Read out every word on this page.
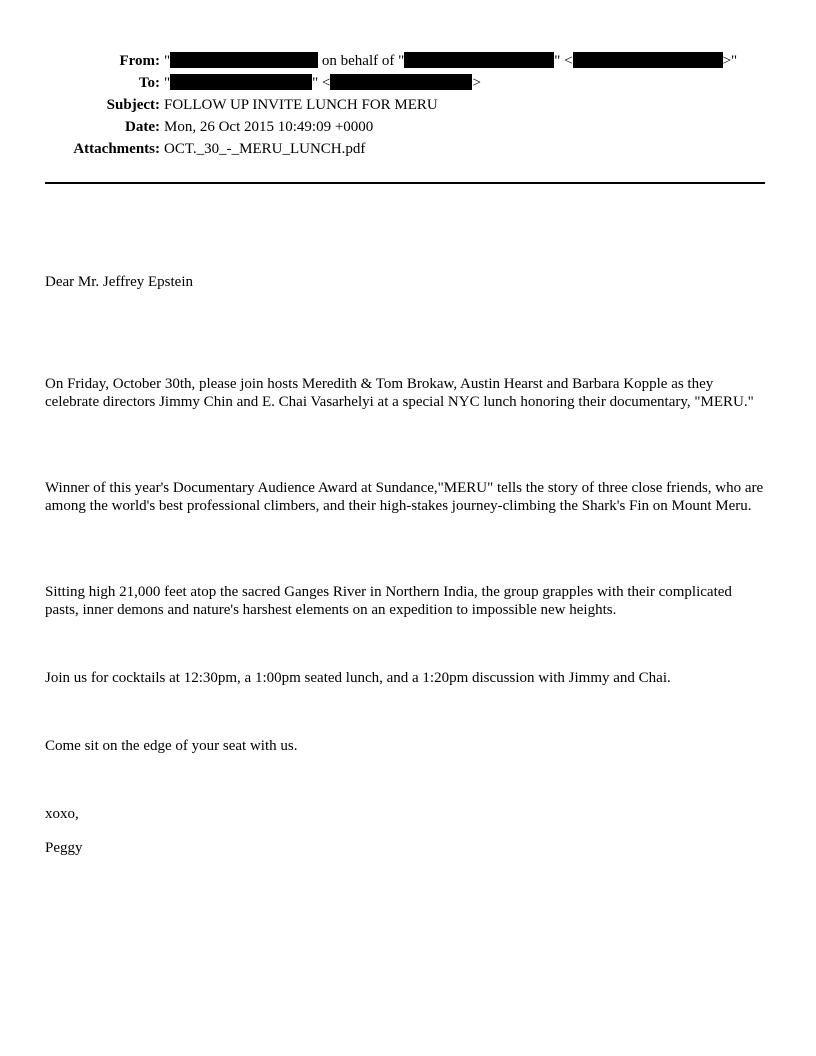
From: "	on behalf of "	" <	>"
To: "	" <	>
Subject: FOLLOW UP INVITE LUNCH FOR MERU
Date: Mon, 26 Oct 2015 10:49:09 +0000
Attachments: OCT._30_-_MERU_LUNCH.pdf

Dear Mr. Jeffrey Epstein

On Friday, October 30th, please join hosts Meredith & Tom Brokaw, Austin Hearst and Barbara Kopple as they celebrate directors Jimmy Chin and E. Chai Vasarhelyi at a special NYC lunch honoring their documentary, "MERU."

Winner of this year's Documentary Audience Award at Sundance,"MERU" tells the story of three close friends, who are among the world's best professional climbers, and their high-stakes journey-climbing the Shark's Fin on Mount Meru.

Sitting high 21,000 feet atop the sacred Ganges River in Northern India, the group grapples with their complicated pasts, inner demons and nature's harshest elements on an expedition to impossible new heights.

Join us for cocktails at 12:30pm, a 1:00pm seated lunch, and a 1:20pm discussion with Jimmy and Chai.

Come sit on the edge of your seat with us.

xoxo,

Peggy
